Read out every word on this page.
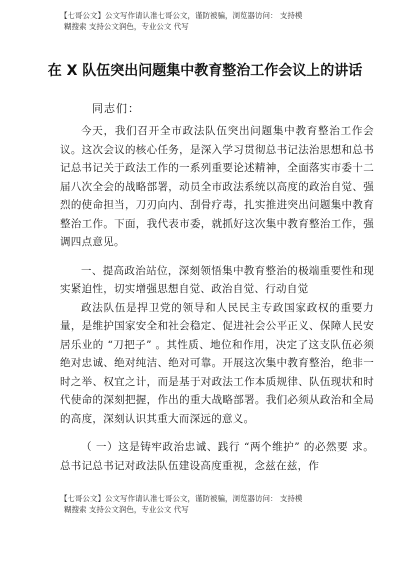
【七哥公文】公文写作请认准七哥公文，谨防被骗，浏览器访问： 支持模
糊搜索 支持公文润色，专业公文 代写
在 X 队伍突出问题集中教育整治工作会议上的讲话
同志们：

今天，我们召开全市政法队伍突出问题集中教育整治工作会议。这次会议的核心任务，是深入学习贯彻总书记法治思想和总书记总书记关于政法工作的一系列重要论述精神，全面落实市委十二届八次全会的战略部署，动员全市政法系统以高度的政治自觉、强烈的使命担当，刀刃向内、刮骨疗毒，扎实推进突出问题集中教育整治工作。下面，我代表市委，就抓好这次集中教育整治工作，强调四点意见。

一、提高政治站位，深刻领悟集中教育整治的极端重要性和现实紧迫性，切实增强思想自觉、政治自觉、行动自觉

政法队伍是捍卫党的领导和人民民主专政国家政权的重要力量，是维护国家安全和社会稳定、促进社会公平正义、保障人民安居乐业的 “刀把子” 。其性质、地位和作用，决定了这支队伍必须绝对忠诚、绝对纯洁、绝对可靠。开展这次集中教育整治，绝非一时之举、权宜之计，而是基于对政法工作本质规律、队伍现状和时代使命的深刻把握，作出的重大战略部署。我们必须从政治和全局的高度，深刻认识其重大而深远的意义。

（ 一）这是铸牢政治忠诚、践行 “两个维护” 的必然要 求。总书记总书记对政法队伍建设高度重视，念兹在兹，作

【七哥公文】公文写作请认准七哥公文，谨防被骗，浏览器访问： 支持模
糊搜索 支持公文润色，专业公文 代写
